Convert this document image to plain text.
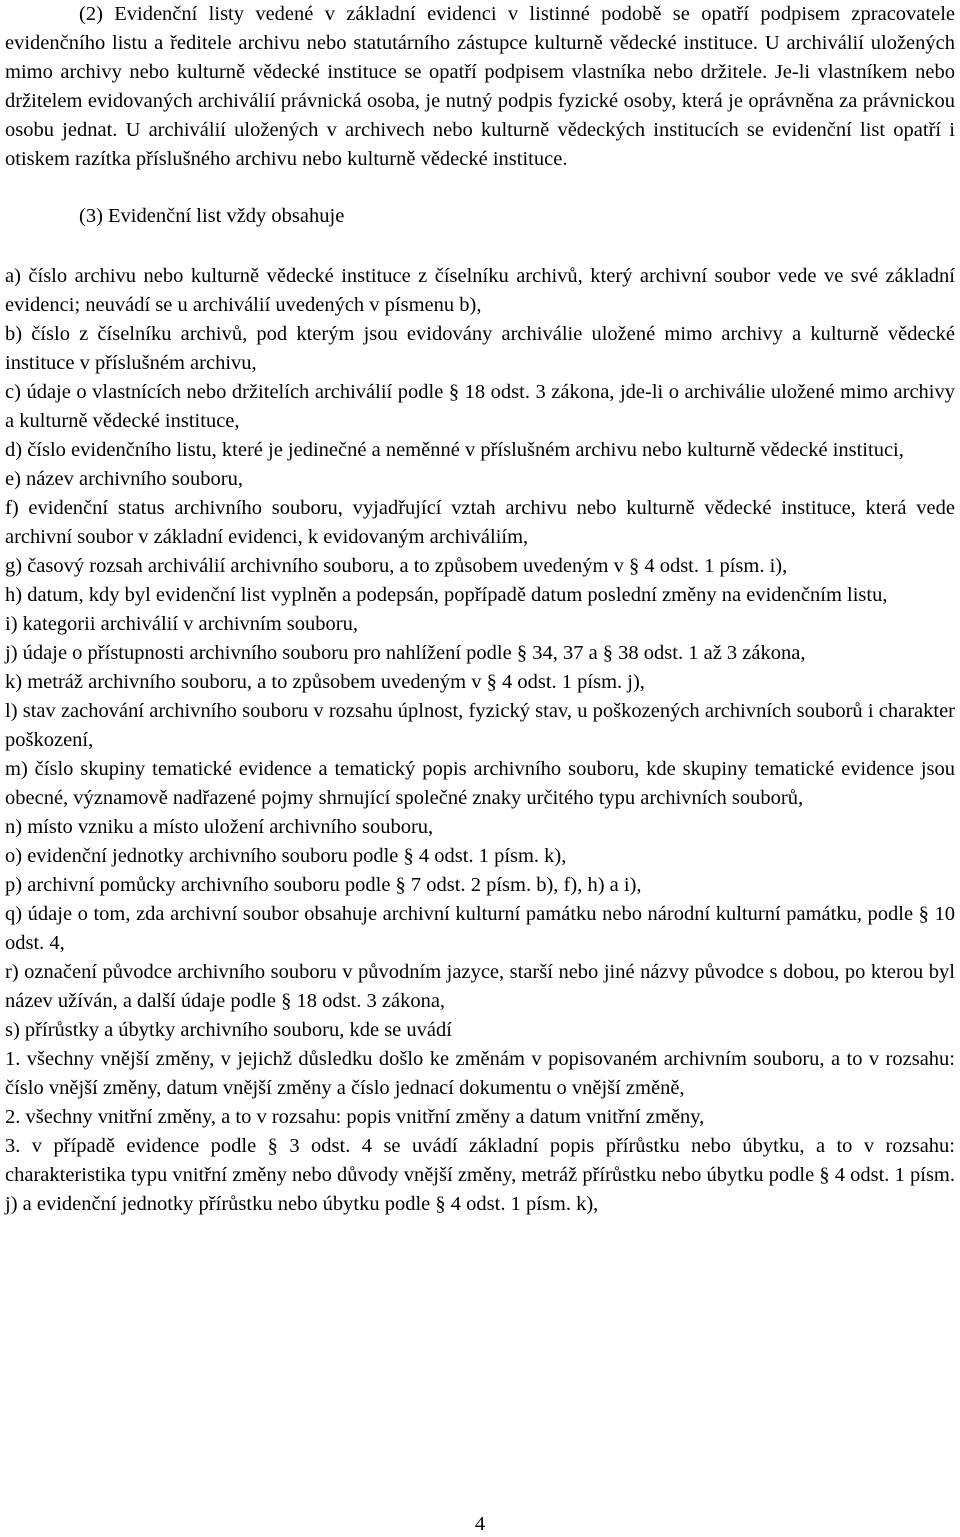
(2) Evidenční listy vedené v základní evidenci v listinné podobě se opatří podpisem zpracovatele evidenčního listu a ředitele archivu nebo statutárního zástupce kulturně vědecké instituce. U archiválií uložených mimo archivy nebo kulturně vědecké instituce se opatří podpisem vlastníka nebo držitele. Je-li vlastníkem nebo držitelem evidovaných archiválií právnická osoba, je nutný podpis fyzické osoby, která je oprávněna za právnickou osobu jednat. U archiválií uložených v archivech nebo kulturně vědeckých institucích se evidenční list opatří i otiskem razítka příslušného archivu nebo kulturně vědecké instituce.

(3) Evidenční list vždy obsahuje

a) číslo archivu nebo kulturně vědecké instituce z číselníku archivů, který archivní soubor vede ve své základní evidenci; neuvádí se u archiválií uvedených v písmenu b),

b) číslo z číselníku archivů, pod kterým jsou evidovány archiválie uložené mimo archivy a kulturně vědecké instituce v příslušném archivu,

c) údaje o vlastnících nebo držitelích archiválií podle § 18 odst. 3 zákona, jde-li o archiválie uložené mimo archivy a kulturně vědecké instituce,

d) číslo evidenčního listu, které je jedinečné a neměnné v příslušném archivu nebo kulturně vědecké instituci,

e) název archivního souboru,

f) evidenční status archivního souboru, vyjadřující vztah archivu nebo kulturně vědecké instituce, která vede archivní soubor v základní evidenci, k evidovaným archiváliím,

g) časový rozsah archiválií archivního souboru, a to způsobem uvedeným v § 4 odst. 1 písm. i),

h) datum, kdy byl evidenční list vyplněn a podepsán, popřípadě datum poslední změny na evidenčním listu,

i) kategorii archiválií v archivním souboru,

j) údaje o přístupnosti archivního souboru pro nahlížení podle § 34, 37 a § 38 odst. 1 až 3 zákona,

k) metráž archivního souboru, a to způsobem uvedeným v § 4 odst. 1 písm. j),

l) stav zachování archivního souboru v rozsahu úplnost, fyzický stav, u poškozených archivních souborů i charakter poškození,

m) číslo skupiny tematické evidence a tematický popis archivního souboru, kde skupiny tematické evidence jsou obecné, významově nadřazené pojmy shrnující společné znaky určitého typu archivních souborů,

n) místo vzniku a místo uložení archivního souboru,

o) evidenční jednotky archivního souboru podle § 4 odst. 1 písm. k),

p) archivní pomůcky archivního souboru podle § 7 odst. 2 písm. b), f), h) a i),

q) údaje o tom, zda archivní soubor obsahuje archivní kulturní památku nebo národní kulturní památku, podle § 10 odst. 4,

r) označení původce archivního souboru v původním jazyce, starší nebo jiné názvy původce s dobou, po kterou byl název užíván, a další údaje podle § 18 odst. 3 zákona,

s) přírůstky a úbytky archivního souboru, kde se uvádí

1. všechny vnější změny, v jejichž důsledku došlo ke změnám v popisovaném archivním souboru, a to v rozsahu: číslo vnější změny, datum vnější změny a číslo jednací dokumentu o vnější změně,

2. všechny vnitřní změny, a to v rozsahu: popis vnitřní změny a datum vnitřní změny,

3. v případě evidence podle § 3 odst. 4 se uvádí základní popis přírůstku nebo úbytku, a to v rozsahu: charakteristika typu vnitřní změny nebo důvody vnější změny, metráž přírůstku nebo úbytku podle § 4 odst. 1 písm. j) a evidenční jednotky přírůstku nebo úbytku podle § 4 odst. 1 písm. k),

4
